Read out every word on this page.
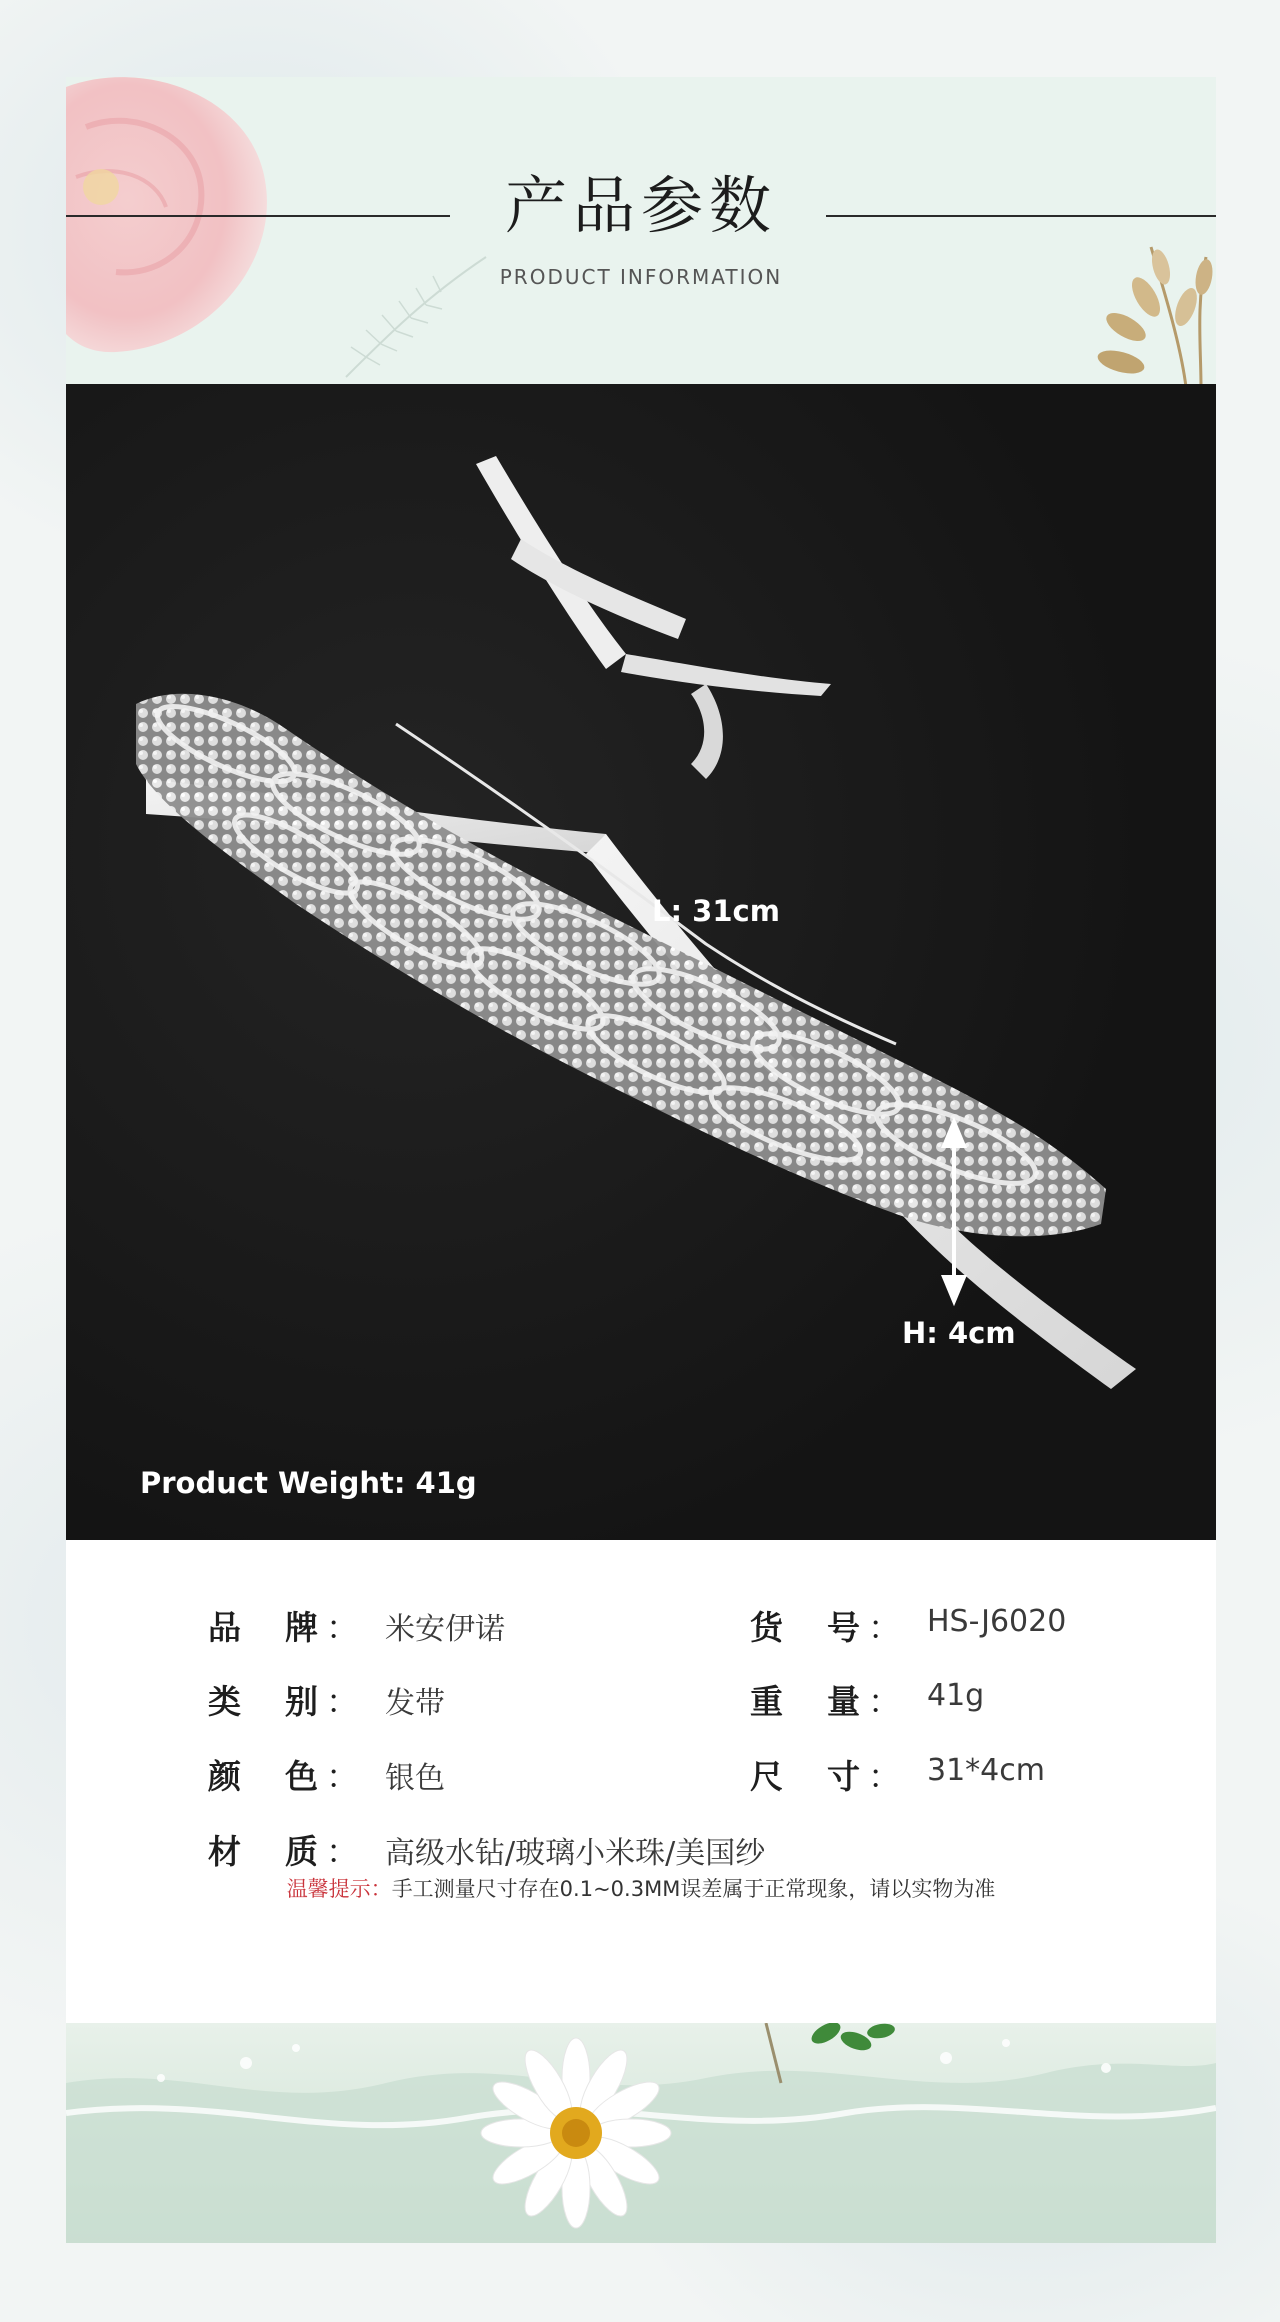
产品参数
PRODUCT INFORMATION
L: 31cm
H: 4cm
Product Weight: 41g
品 牌 ： 米安伊诺	货 号 ： HS-J6020
类 别 ： 发带	重 量 ： 41g
颜 色 ： 银色	尺 寸 ： 31*4cm
材 质 ： 高级水钻/玻璃小米珠/美国纱
温馨提示：手工测量尺寸存在0.1~0.3MM误差属于正常现象，请以实物为准
